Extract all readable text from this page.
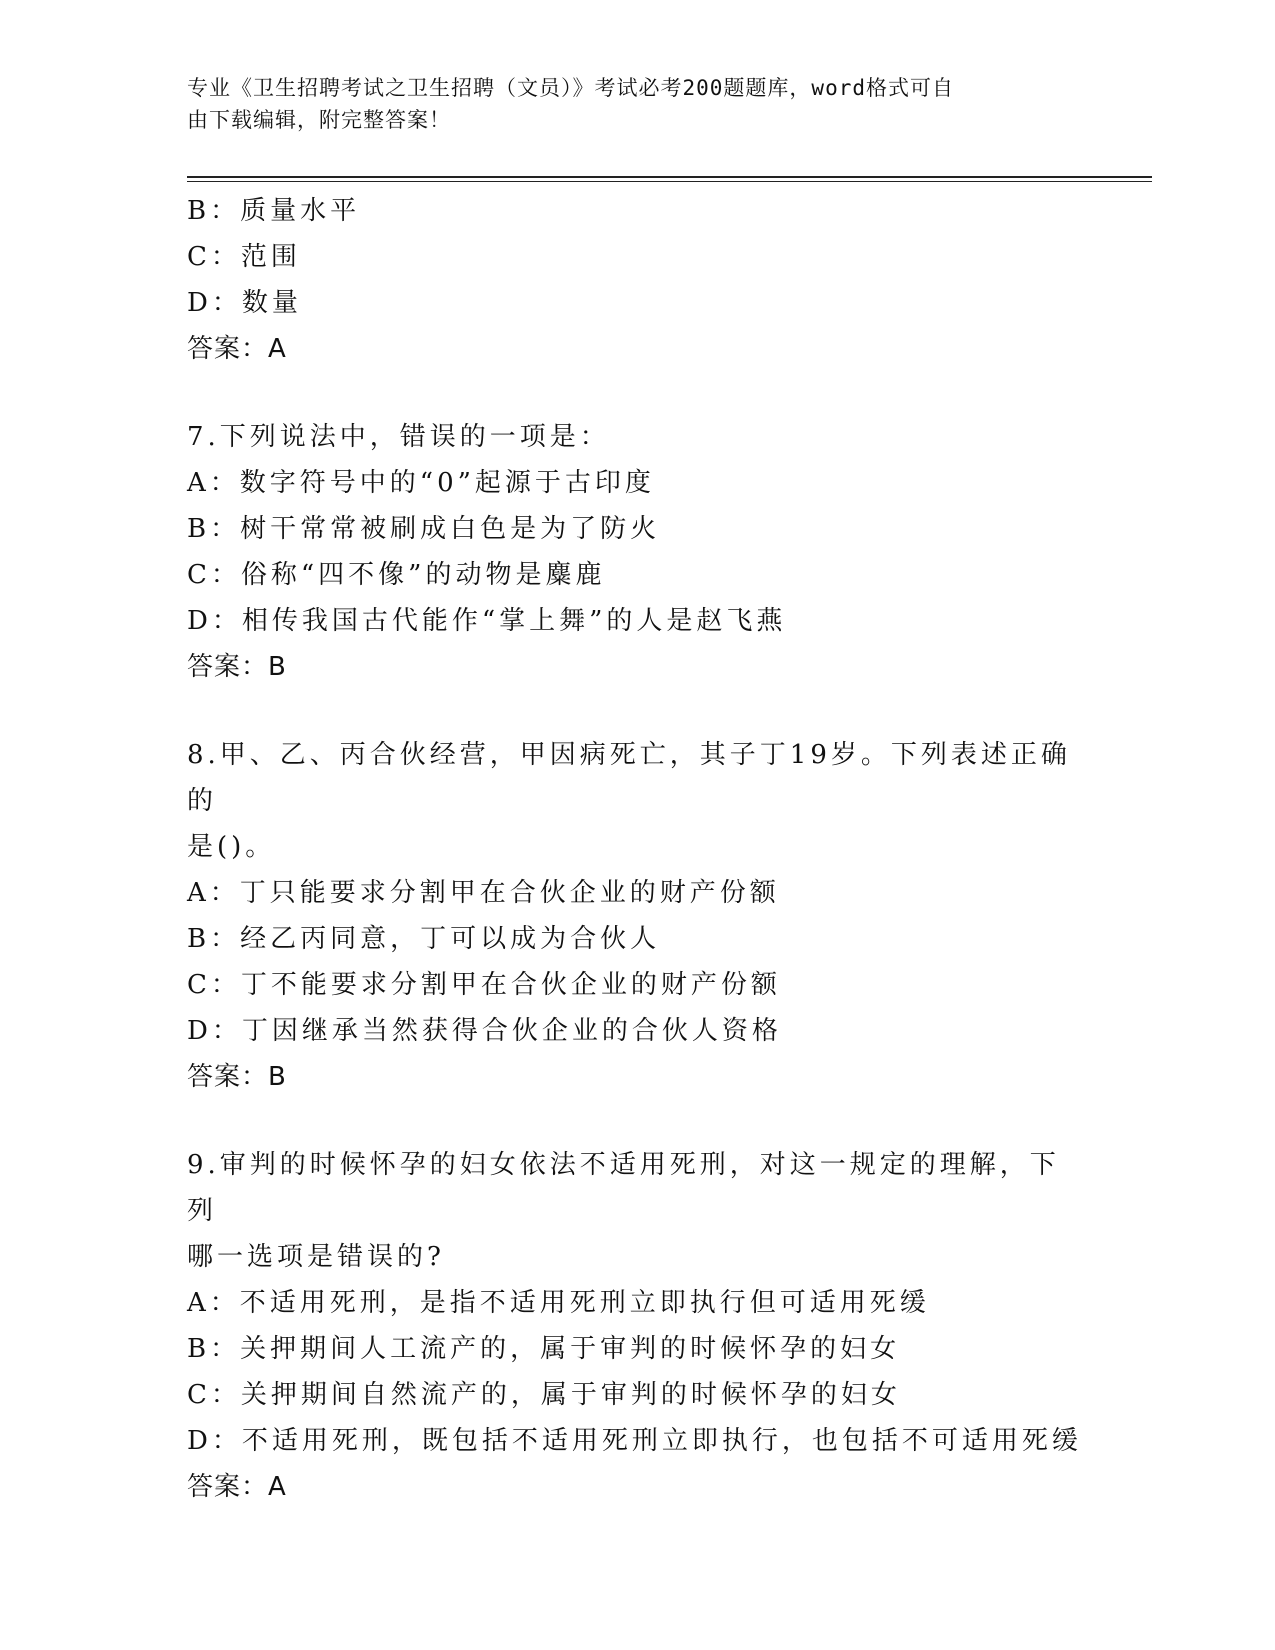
专业《卫生招聘考试之卫生招聘（文员）》考试必考200题题库，word格式可自
由下载编辑，附完整答案！
B：质量水平
C：范围
D：数量
答案：A
7.下列说法中，错误的一项是：
A：数字符号中的“0”起源于古印度
B：树干常常被刷成白色是为了防火
C：俗称“四不像”的动物是麋鹿
D：相传我国古代能作“掌上舞”的人是赵飞燕
答案：B
8.甲、乙、丙合伙经营，甲因病死亡，其子丁19岁。下列表述正确的
是()。
A：丁只能要求分割甲在合伙企业的财产份额
B：经乙丙同意，丁可以成为合伙人
C：丁不能要求分割甲在合伙企业的财产份额
D：丁因继承当然获得合伙企业的合伙人资格
答案：B
9.审判的时候怀孕的妇女依法不适用死刑，对这一规定的理解，下列
哪一选项是错误的?
A：不适用死刑，是指不适用死刑立即执行但可适用死缓
B：关押期间人工流产的，属于审判的时候怀孕的妇女
C：关押期间自然流产的，属于审判的时候怀孕的妇女
D：不适用死刑，既包括不适用死刑立即执行，也包括不可适用死缓
答案：A
